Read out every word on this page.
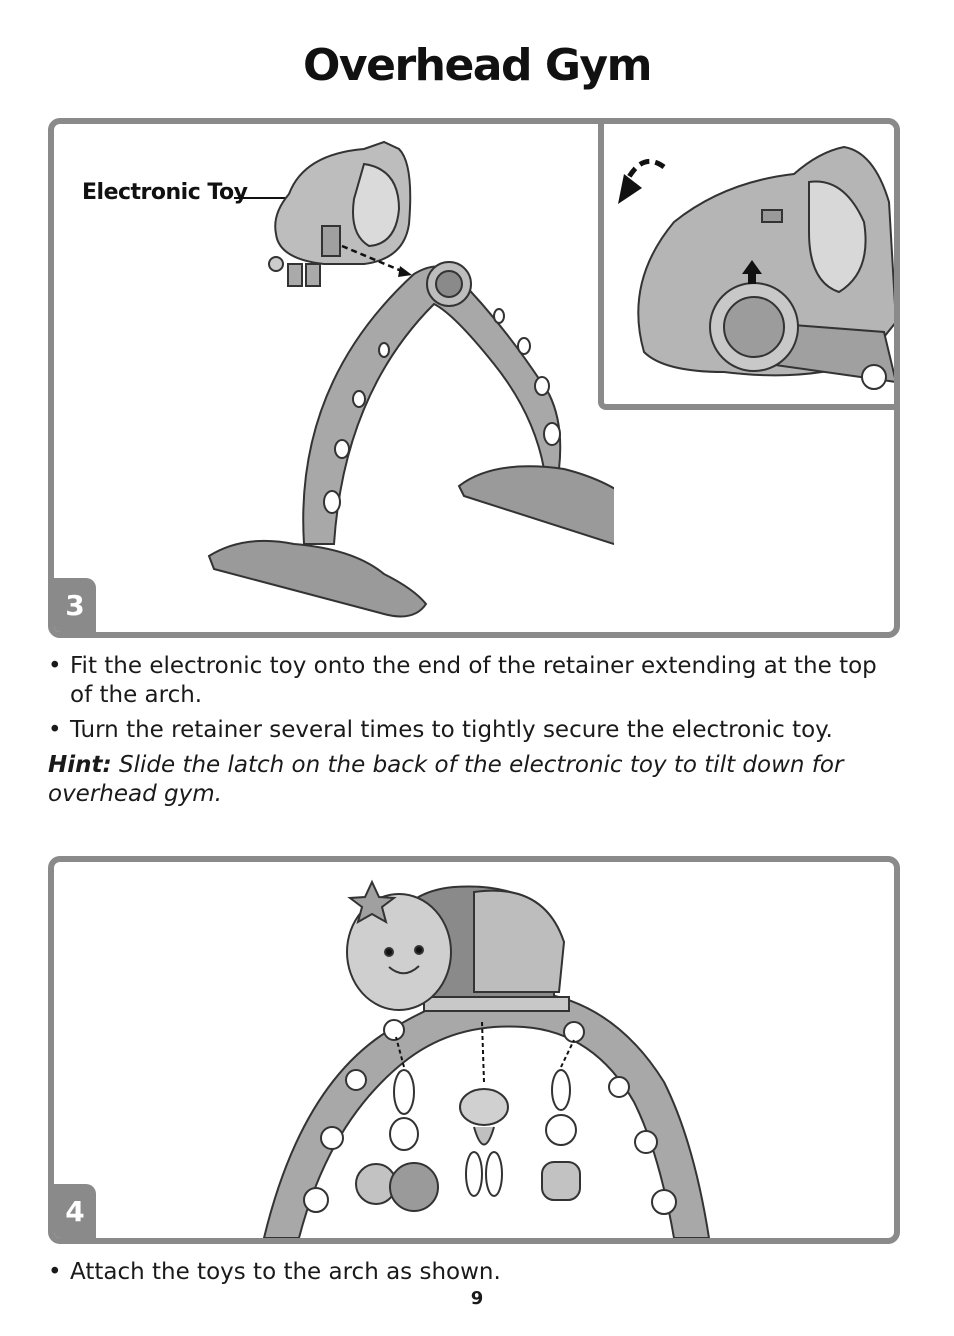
Overhead Gym
Electronic Toy
3
• Fit the electronic toy onto the end of the retainer extending at the top of the arch.
• Turn the retainer several times to tightly secure the electronic toy.
Hint: Slide the latch on the back of the electronic toy to tilt down for overhead gym.
4
• Attach the toys to the arch as shown.
9
